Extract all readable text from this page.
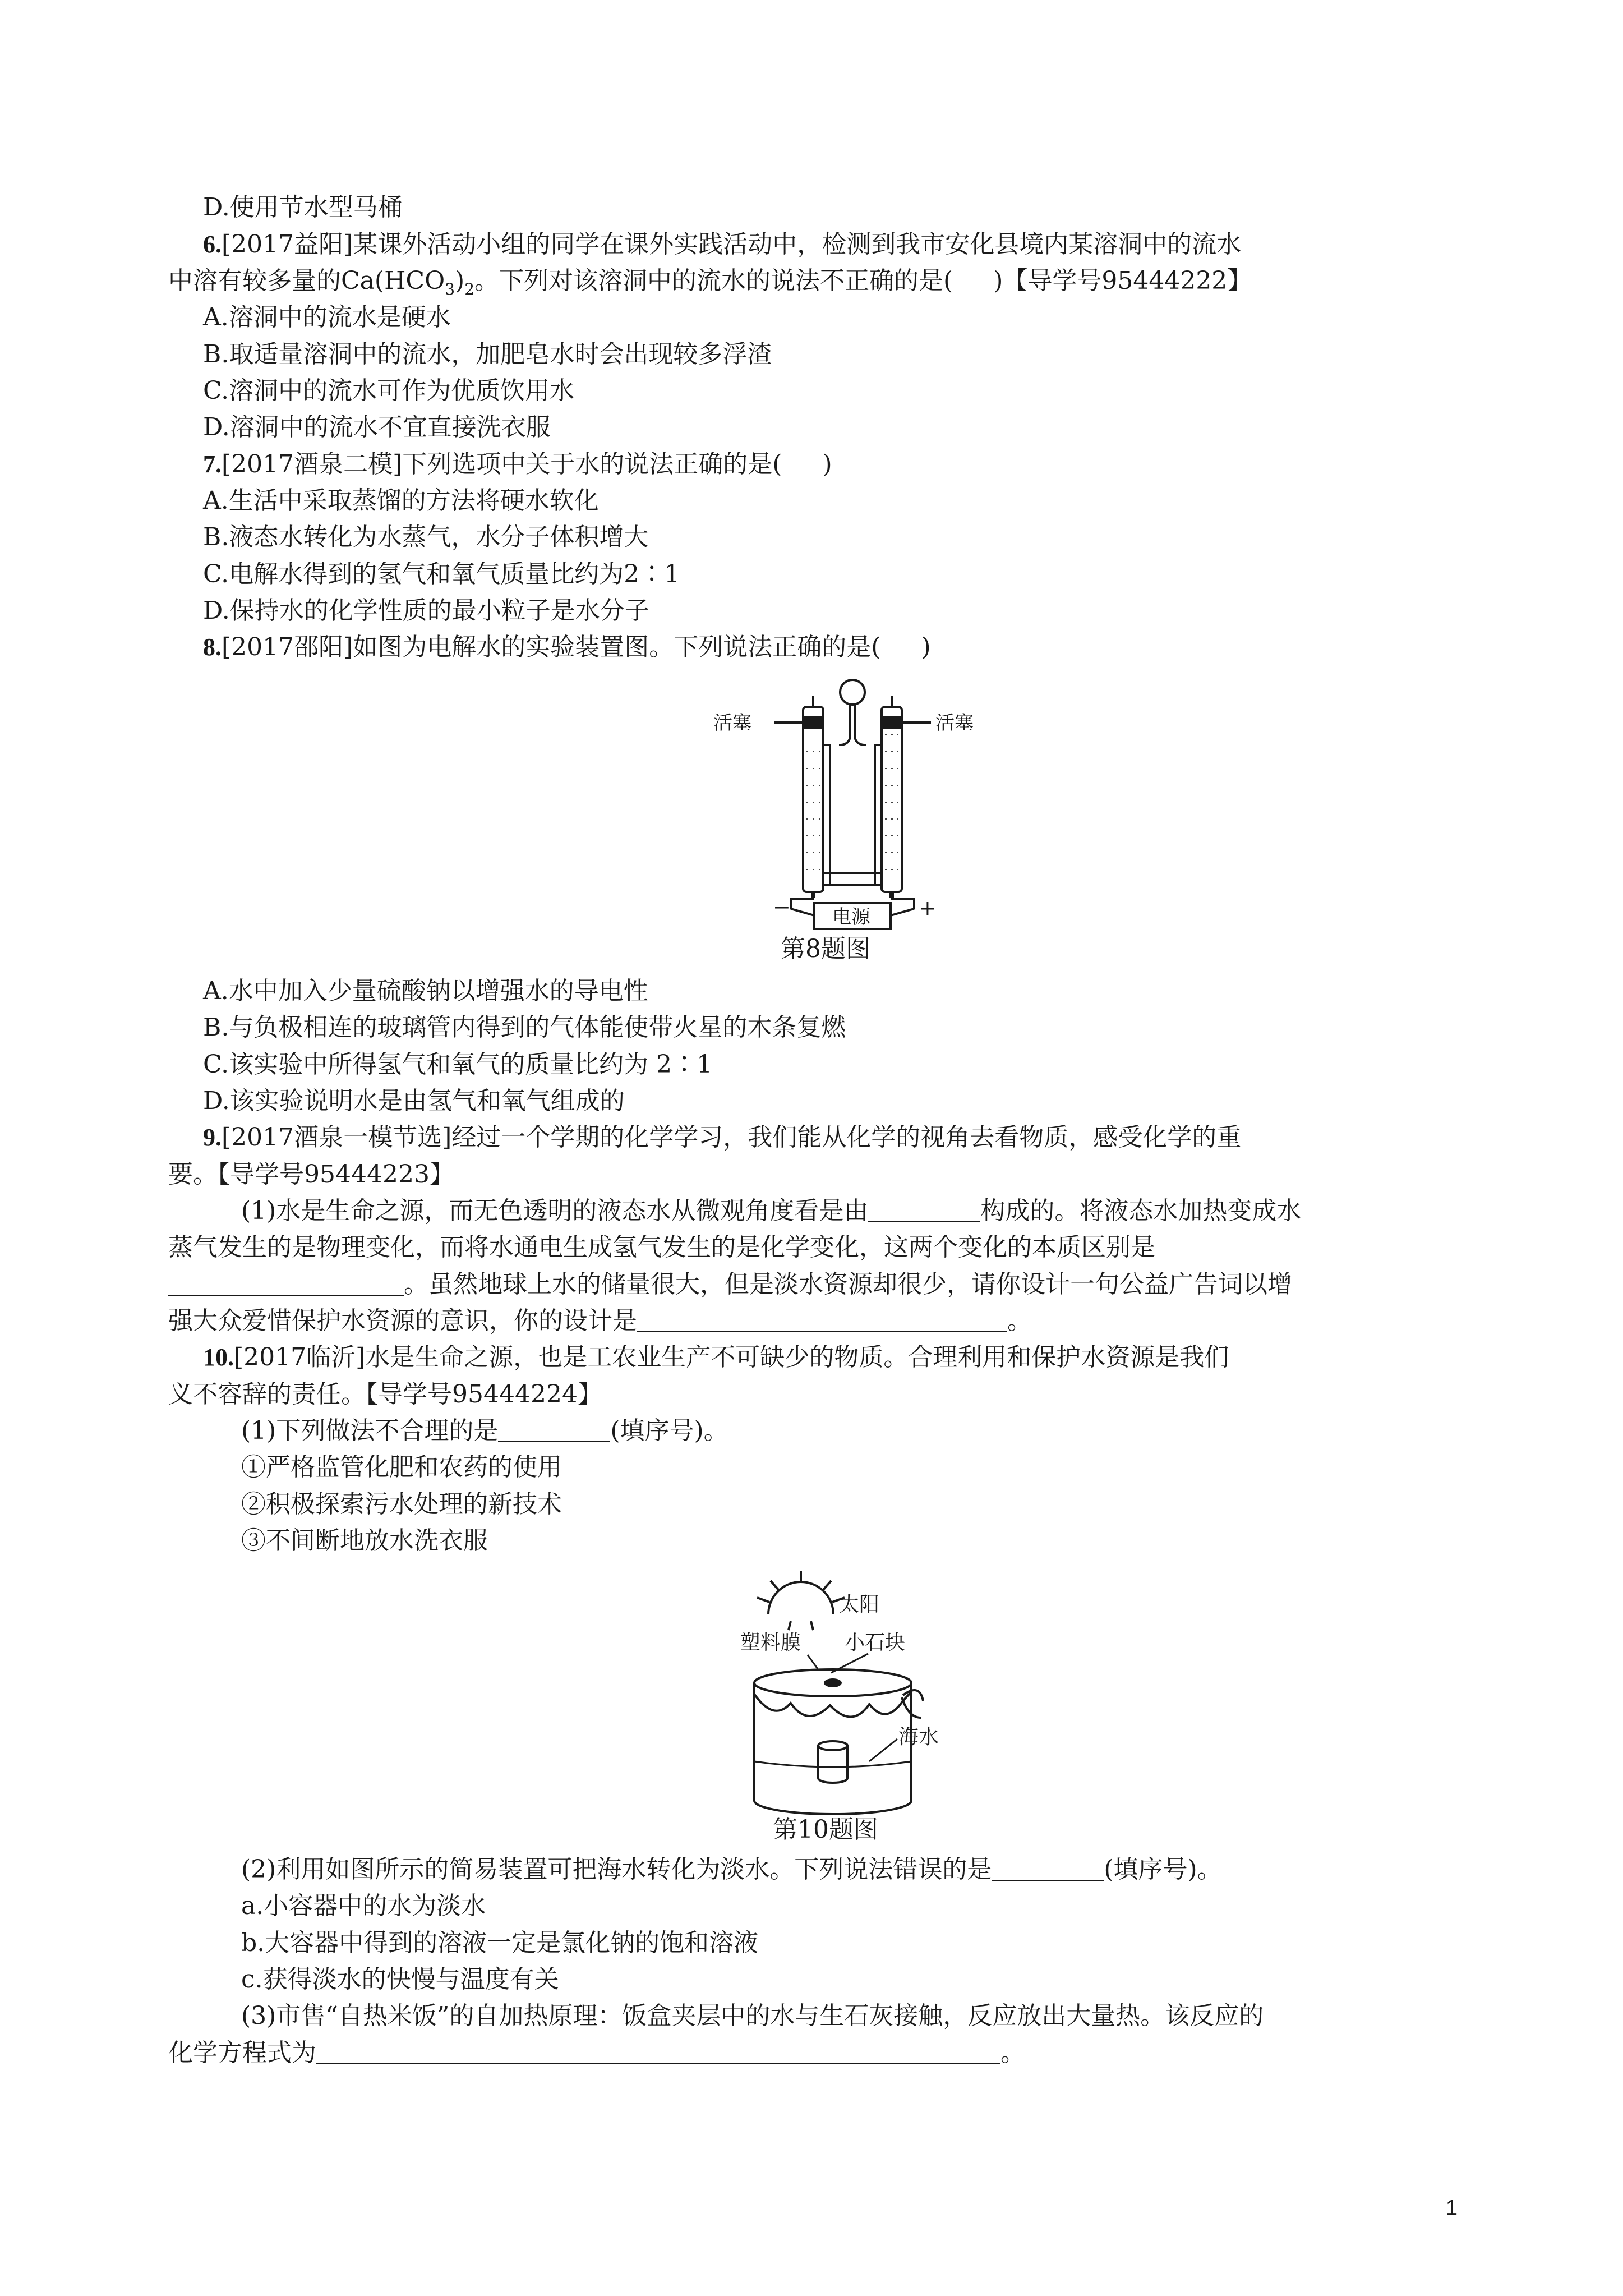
D.使用节水型马桶
6.[2017益阳]某课外活动小组的同学在课外实践活动中，检测到我市安化县境内某溶洞中的流水
中溶有较多量的$Ca(HCO_3)_2$。下列对该溶洞中的流水的说法不正确的是( )【导学号95444222】
A.溶洞中的流水是硬水
B.取适量溶洞中的流水，加肥皂水时会出现较多浮渣
C.溶洞中的流水可作为优质饮用水
D.溶洞中的流水不宜直接洗衣服
7.[2017酒泉二模]下列选项中关于水的说法正确的是( )
A.生活中采取蒸馏的方法将硬水软化
B.液态水转化为水蒸气，水分子体积增大
C.电解水得到的氢气和氧气质量比约为2∶1
D.保持水的化学性质的最小粒子是水分子
8.[2017邵阳]如图为电解水的实验装置图。下列说法正确的是( )
活塞	活塞
电源
−	+
第8题图
A.水中加入少量硫酸钠以增强水的导电性
B.与负极相连的玻璃管内得到的气体能使带火星的木条复燃
C.该实验中所得氢气和氧气的质量比约为 2∶1
D.该实验说明水是由氢气和氧气组成的
9.[2017酒泉一模节选]经过一个学期的化学学习，我们能从化学的视角去看物质，感受化学的重
要。【导学号95444223】
(1)水是生命之源，而无色透明的液态水从微观角度看是由	构成的。将液态水加热变成水
蒸气发生的是物理变化，而将水通电生成氢气发生的是化学变化，这两个变化的本质区别是
。虽然地球上水的储量很大，但是淡水资源却很少，请你设计一句公益广告词以增
强大众爱惜保护水资源的意识，你的设计是	。
10.[2017临沂]水是生命之源，也是工农业生产不可缺少的物质。合理利用和保护水资源是我们
义不容辞的责任。【导学号95444224】
(1)下列做法不合理的是	(填序号)。
①严格监管化肥和农药的使用
②积极探索污水处理的新技术
③不间断地放水洗衣服
太阳
塑料膜 小石块
海水
第10题图
(2)利用如图所示的简易装置可把海水转化为淡水。下列说法错误的是	(填序号)。
a.小容器中的水为淡水
b.大容器中得到的溶液一定是氯化钠的饱和溶液
c.获得淡水的快慢与温度有关
(3)市售“自热米饭”的自加热原理：饭盒夹层中的水与生石灰接触，反应放出大量热。该反应的
化学方程式为	。
1
